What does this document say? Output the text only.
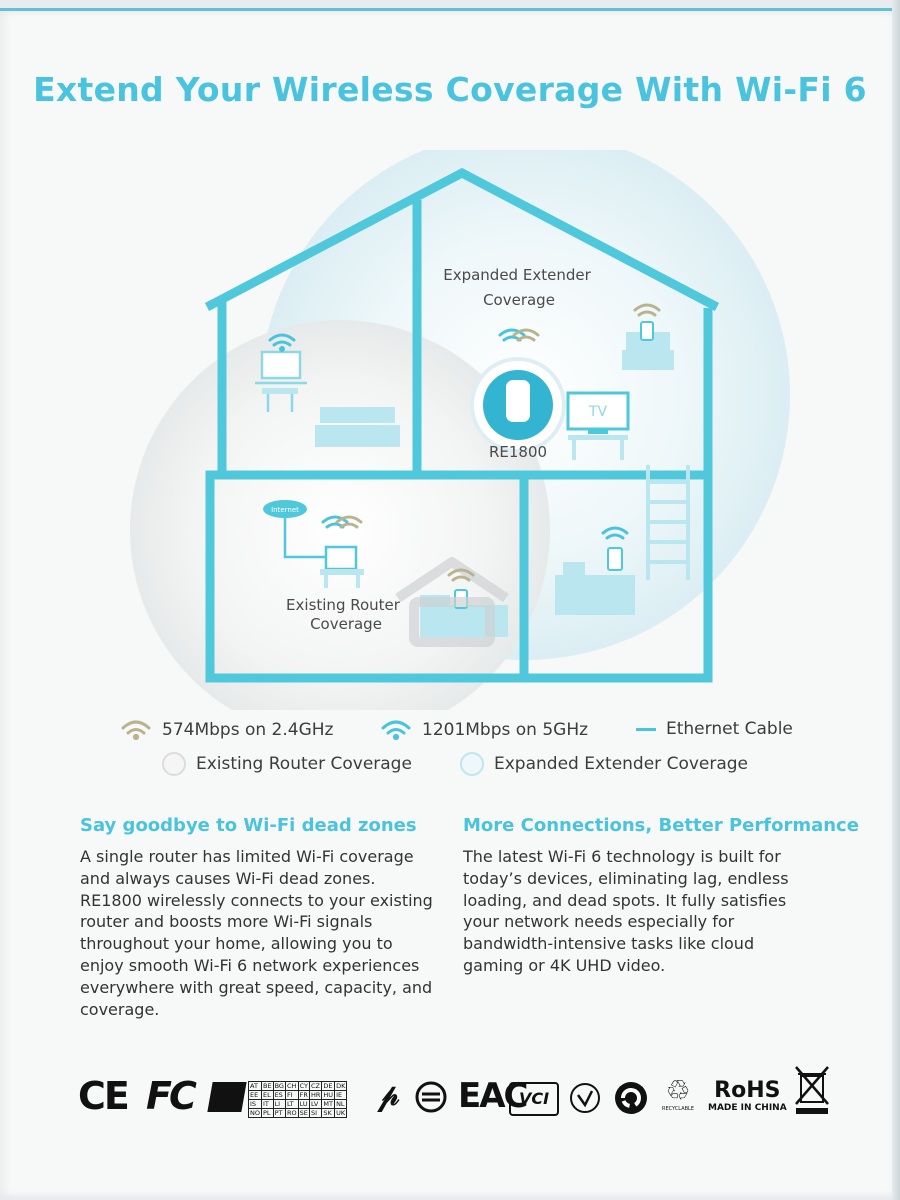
Extend Your Wireless Coverage With Wi-Fi 6
RE1800
Expanded Extender
Coverage
TV
Internet
Existing Router
Coverage
574Mbps on 2.4GHz	1201Mbps on 5GHz	Ethernet Cable
Existing Router Coverage	Expanded Extender Coverage
Say goodbye to Wi-Fi dead zones
A single router has limited Wi-Fi coverage and always causes Wi-Fi dead zones. RE1800 wirelessly connects to your existing router and boosts more Wi-Fi signals throughout your home, allowing you to enjoy smooth Wi-Fi 6 network experiences everywhere with great speed, capacity, and coverage.
More Connections, Better Performance
The latest Wi-Fi 6 technology is built for today’s devices, eliminating lag, endless loading, and dead spots. It fully satisfies your network needs especially for bandwidth-intensive tasks like cloud gaming or 4K UHD video.
CE FC	AT	BE	BG	CH	CY	CZ	DE	DK
EE	EL	ES	FI	FR	HR	HU	IE
IS	IT	LI	LT	LU	LV	MT	NL
NO	PL	PT	RO	SE	SI	SK	UK 𝓅 EAC
VCI	♲
RECYCLABLE
RoHS
MADE IN CHINA
